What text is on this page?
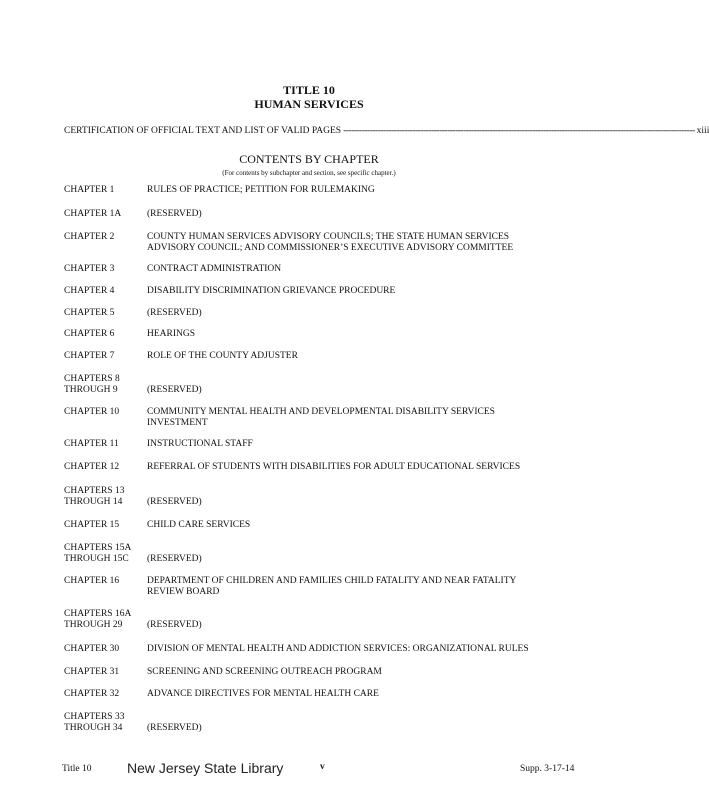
TITLE 10
HUMAN SERVICES
CERTIFICATION OF OFFICIAL TEXT AND LIST OF VALID PAGES ------------------------------------------------------------------------------------------------------------------------------------ xiii
CONTENTS BY CHAPTER
(For contents by subchapter and section, see specific chapter.)
CHAPTER 1	RULES OF PRACTICE; PETITION FOR RULEMAKING
CHAPTER 1A	(RESERVED)
CHAPTER 2	COUNTY HUMAN SERVICES ADVISORY COUNCILS; THE STATE HUMAN SERVICES ADVISORY COUNCIL; AND COMMISSIONER’S EXECUTIVE ADVISORY COMMITTEE
CHAPTER 3	CONTRACT ADMINISTRATION
CHAPTER 4	DISABILITY DISCRIMINATION GRIEVANCE PROCEDURE
CHAPTER 5	(RESERVED)
CHAPTER 6	HEARINGS
CHAPTER 7	ROLE OF THE COUNTY ADJUSTER
CHAPTERS 8
THROUGH 9	(RESERVED)
CHAPTER 10	COMMUNITY MENTAL HEALTH AND DEVELOPMENTAL DISABILITY SERVICES INVESTMENT
CHAPTER 11	INSTRUCTIONAL STAFF
CHAPTER 12	REFERRAL OF STUDENTS WITH DISABILITIES FOR ADULT EDUCATIONAL SERVICES
CHAPTERS 13
THROUGH 14	(RESERVED)
CHAPTER 15	CHILD CARE SERVICES
CHAPTERS 15A
THROUGH 15C	(RESERVED)
CHAPTER 16	DEPARTMENT OF CHILDREN AND FAMILIES CHILD FATALITY AND NEAR FATALITY REVIEW BOARD
CHAPTERS 16A
THROUGH 29	(RESERVED)
CHAPTER 30	DIVISION OF MENTAL HEALTH AND ADDICTION SERVICES: ORGANIZATIONAL RULES
CHAPTER 31	SCREENING AND SCREENING OUTREACH PROGRAM
CHAPTER 32	ADVANCE DIRECTIVES FOR MENTAL HEALTH CARE
CHAPTERS 33
THROUGH 34	(RESERVED)
Title 10	New Jersey State Library	v	Supp. 3-17-14
